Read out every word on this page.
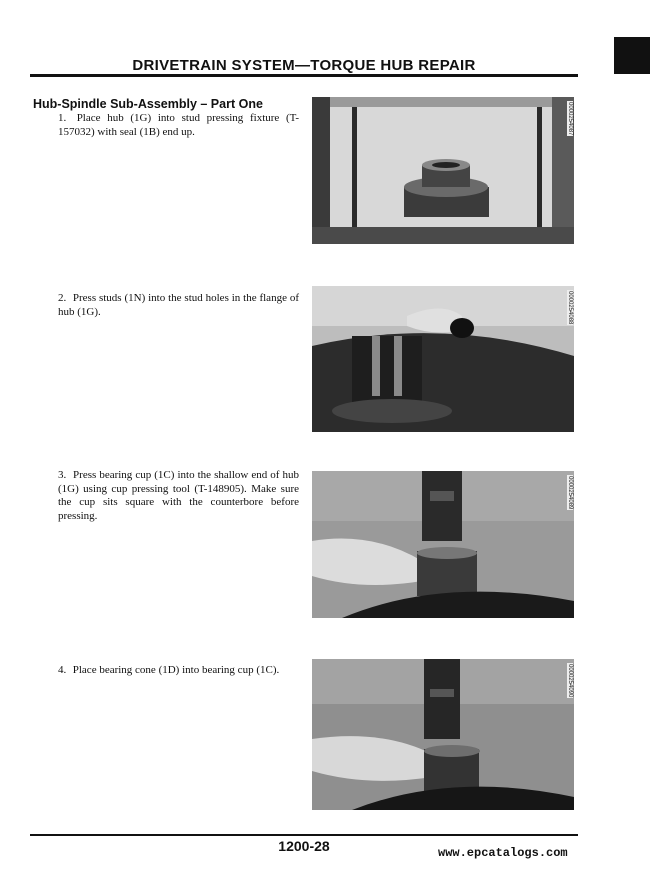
DRIVETRAIN SYSTEM—TORQUE HUB REPAIR
Hub-Spindle Sub-Assembly – Part One
1. Place hub (1G) into stud pressing fixture (T-157032) with seal (1B) end up.	0000254087
2. Press studs (1N) into the stud holes in the flange of hub (1G).	0000254088
3. Press bearing cup (1C) into the shallow end of hub (1G) using cup pressing tool (T-148905). Make sure the cup sits square with the counterbore before pressing.
0000254089
4. Place bearing cone (1D) into bearing cup (1C).	0000254090
1200-28	www.epcatalogs.com
